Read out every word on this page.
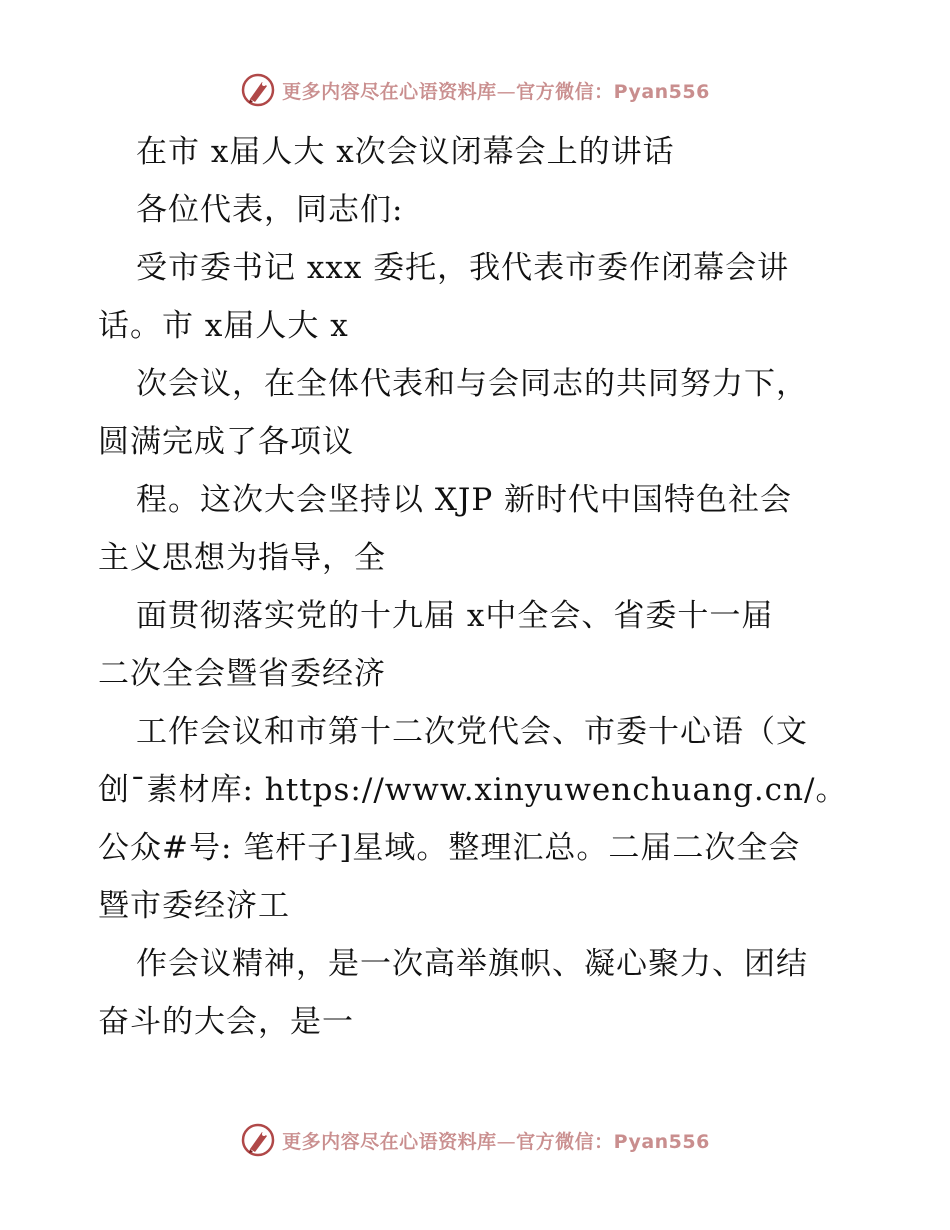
更多内容尽在心语资料库—官方微信：Pyan556
在市 x届人大 x次会议闭幕会上的讲话
各位代表，同志们:
受市委书记 xxx 委托，我代表市委作闭幕会讲
话。市 x届人大 x
次会议，在全体代表和与会同志的共同努力下，
圆满完成了各项议
程。这次大会坚持以 XJP 新时代中国特色社会
主义思想为指导，全
面贯彻落实党的十九届 x中全会、省委十一届
二次全会暨省委经济
工作会议和市第十二次党代会、市委十心语（文
创¯素材库: https://www.xinyuwenchuang.cn/。
公众#号: 笔杆子]星域。整理汇总。二届二次全会
暨市委经济工
作会议精神，是一次高举旗帜、凝心聚力、团结
奋斗的大会，是一
更多内容尽在心语资料库—官方微信：Pyan556
